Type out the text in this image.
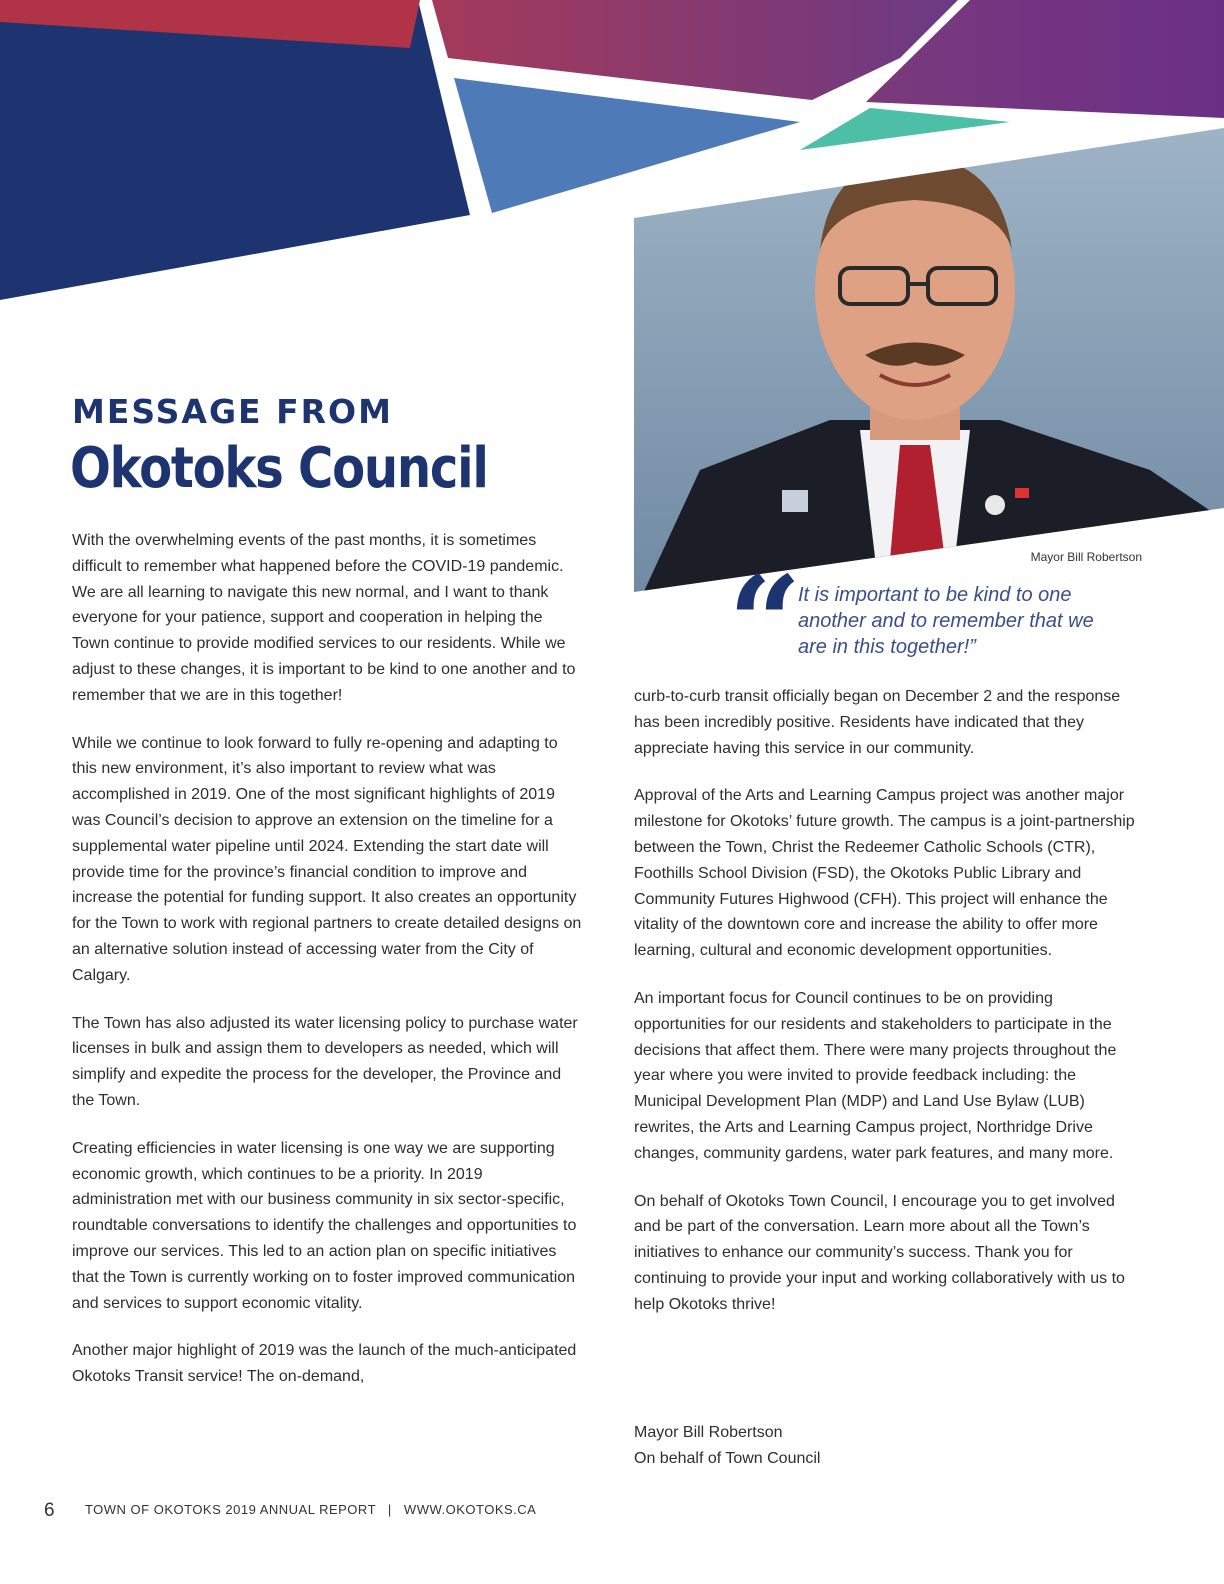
MESSAGE FROM
Okotoks Council
Mayor Bill Robertson
“
It is important to be kind to one another and to remember that we are in this together!”

With the overwhelming events of the past months, it is sometimes difficult to remember what happened before the COVID-19 pandemic. We are all learning to navigate this new normal, and I want to thank everyone for your patience, support and cooperation in helping the Town continue to provide modified services to our residents. While we adjust to these changes, it is important to be kind to one another and to remember that we are in this together!

While we continue to look forward to fully re-opening and adapting to this new environment, it’s also important to review what was accomplished in 2019. One of the most significant highlights of 2019 was Council’s decision to approve an extension on the timeline for a supplemental water pipeline until 2024. Extending the start date will provide time for the province’s financial condition to improve and increase the potential for funding support. It also creates an opportunity for the Town to work with regional partners to create detailed designs on an alternative solution instead of accessing water from the City of Calgary.

The Town has also adjusted its water licensing policy to purchase water licenses in bulk and assign them to developers as needed, which will simplify and expedite the process for the developer, the Province and the Town.

Creating efficiencies in water licensing is one way we are supporting economic growth, which continues to be a priority. In 2019 administration met with our business community in six sector-specific, roundtable conversations to identify the challenges and opportunities to improve our services. This led to an action plan on specific initiatives that the Town is currently working on to foster improved communication and services to support economic vitality.

Another major highlight of 2019 was the launch of the much-anticipated Okotoks Transit service! The on-demand,

curb-to-curb transit officially began on December 2 and the response has been incredibly positive. Residents have indicated that they appreciate having this service in our community.

Approval of the Arts and Learning Campus project was another major milestone for Okotoks’ future growth. The campus is a joint-partnership between the Town, Christ the Redeemer Catholic Schools (CTR), Foothills School Division (FSD), the Okotoks Public Library and Community Futures Highwood (CFH). This project will enhance the vitality of the downtown core and increase the ability to offer more learning, cultural and economic development opportunities.

An important focus for Council continues to be on providing opportunities for our residents and stakeholders to participate in the decisions that affect them. There were many projects throughout the year where you were invited to provide feedback including: the Municipal Development Plan (MDP) and Land Use Bylaw (LUB) rewrites, the Arts and Learning Campus project, Northridge Drive changes, community gardens, water park features, and many more.

On behalf of Okotoks Town Council, I encourage you to get involved and be part of the conversation. Learn more about all the Town’s initiatives to enhance our community’s success. Thank you for continuing to provide your input and working collaboratively with us to help Okotoks thrive!

Mayor Bill Robertson
On behalf of Town Council
6 TOWN OF OKOTOKS 2019 ANNUAL REPORT | WWW.OKOTOKS.CA
